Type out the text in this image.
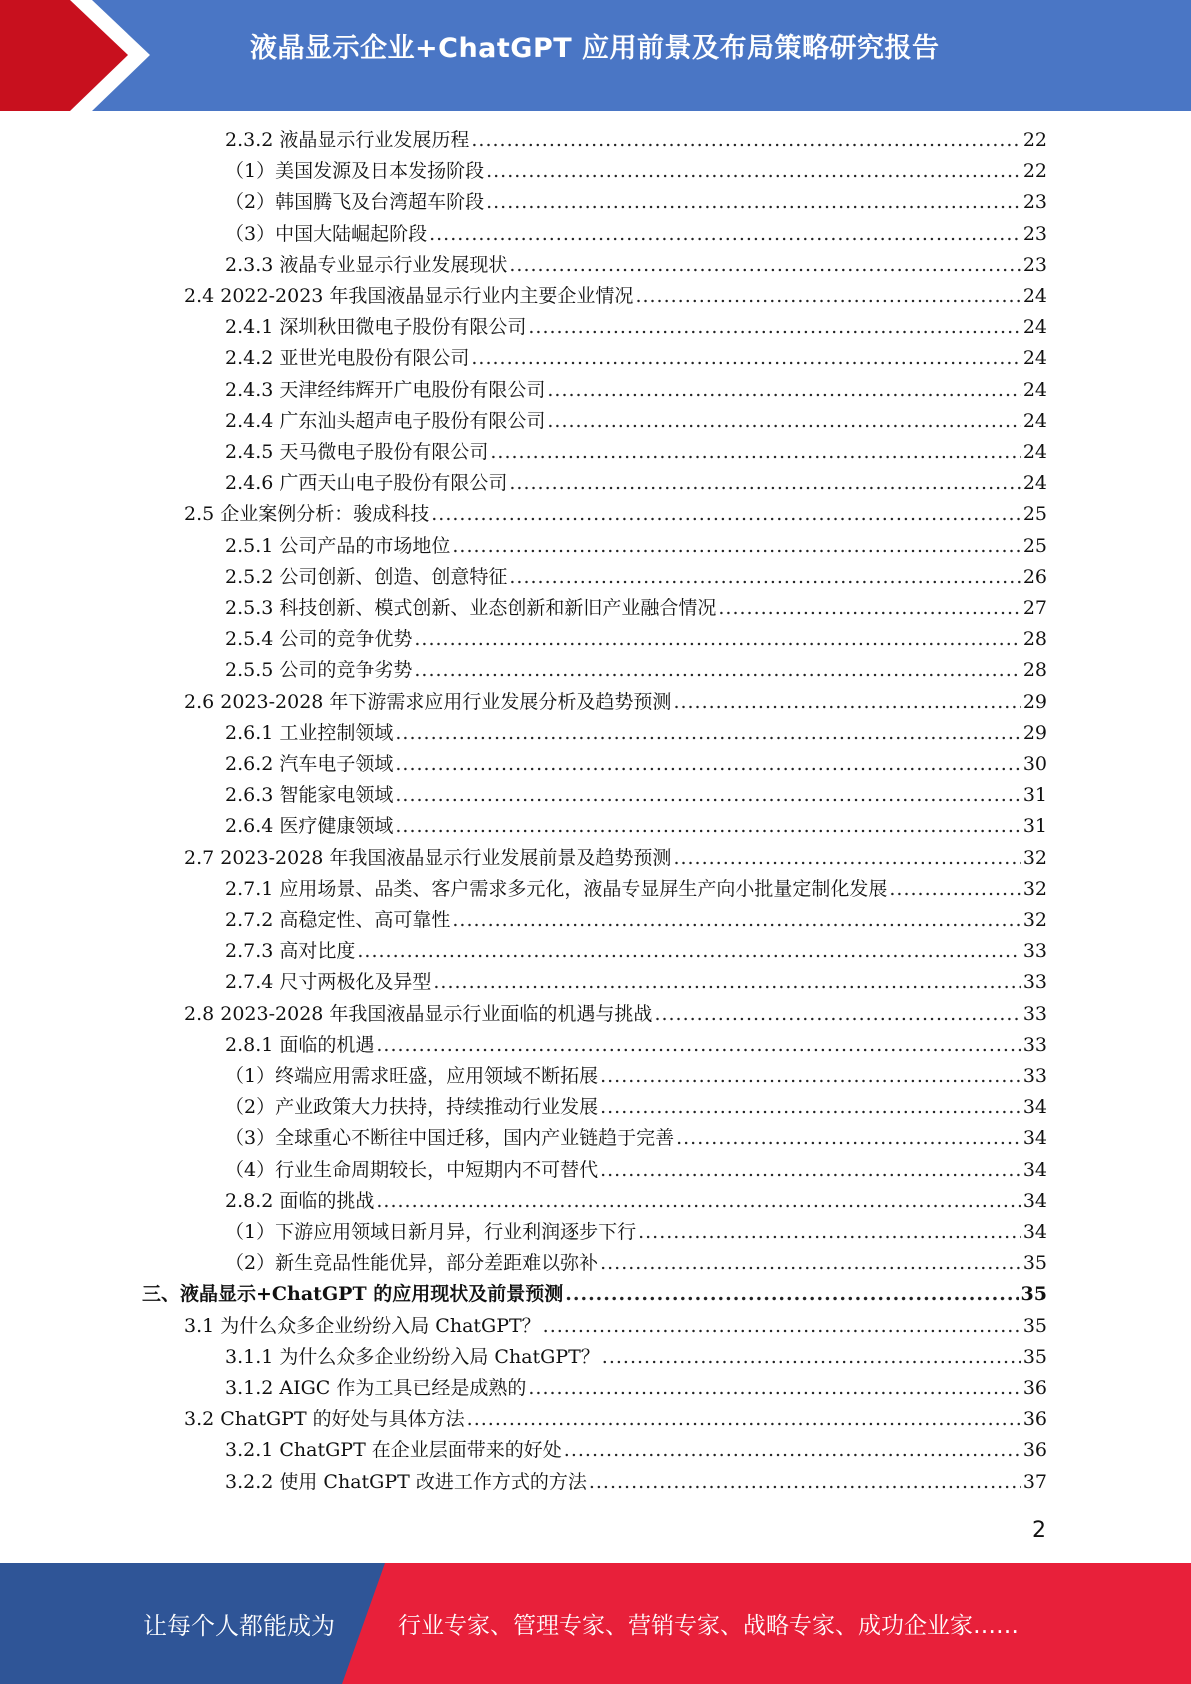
液晶显示企业+ChatGPT 应用前景及布局策略研究报告
2.3.2 液晶显示行业发展历程 .....	22
（1）美国发源及日本发扬阶段 .....	22
（2）韩国腾飞及台湾超车阶段 .....	23
（3）中国大陆崛起阶段 .....	23
2.3.3 液晶专业显示行业发展现状 .....	23
2.4 2022-2023 年我国液晶显示行业内主要企业情况 .....	24
2.4.1 深圳秋田微电子股份有限公司 .....	24
2.4.2 亚世光电股份有限公司 .....	24
2.4.3 天津经纬辉开广电股份有限公司 .....	24
2.4.4 广东汕头超声电子股份有限公司 .....	24
2.4.5 天马微电子股份有限公司 .....	24
2.4.6 广西天山电子股份有限公司 .....	24
2.5 企业案例分析：骏成科技 .....	25
2.5.1 公司产品的市场地位 .....	25
2.5.2 公司创新、创造、创意特征 .....	26
2.5.3 科技创新、模式创新、业态创新和新旧产业融合情况 .....	27
2.5.4 公司的竞争优势 .....	28
2.5.5 公司的竞争劣势 .....	28
2.6 2023-2028 年下游需求应用行业发展分析及趋势预测 .....	29
2.6.1 工业控制领域 .....	29
2.6.2 汽车电子领域 .....	30
2.6.3 智能家电领域 .....	31
2.6.4 医疗健康领域 .....	31
2.7 2023-2028 年我国液晶显示行业发展前景及趋势预测 .....	32
2.7.1 应用场景、品类、客户需求多元化，液晶专显屏生产向小批量定制化发展 .....	32
2.7.2 高稳定性、高可靠性 .....	32
2.7.3 高对比度 .....	33
2.7.4 尺寸两极化及异型 .....	33
2.8 2023-2028 年我国液晶显示行业面临的机遇与挑战 .....	33
2.8.1 面临的机遇 .....	33
（1）终端应用需求旺盛，应用领域不断拓展 .....	33
（2）产业政策大力扶持，持续推动行业发展 .....	34
（3）全球重心不断往中国迁移，国内产业链趋于完善 .....	34
（4）行业生命周期较长，中短期内不可替代 .....	34
2.8.2 面临的挑战 .....	34
（1）下游应用领域日新月异，行业利润逐步下行 .....	34
（2）新生竞品性能优异，部分差距难以弥补 .....	35
三、液晶显示+ChatGPT 的应用现状及前景预测 .....	35
3.1 为什么众多企业纷纷入局 ChatGPT？ .....	35
3.1.1 为什么众多企业纷纷入局 ChatGPT？ .....	35
3.1.2 AIGC 作为工具已经是成熟的 .....	36
3.2 ChatGPT 的好处与具体方法 .....	36
3.2.1 ChatGPT 在企业层面带来的好处 .....	36
3.2.2 使用 ChatGPT 改进工作方式的方法 .....	37
2
让每个人都能成为	行业专家、管理专家、营销专家、战略专家、成功企业家……
